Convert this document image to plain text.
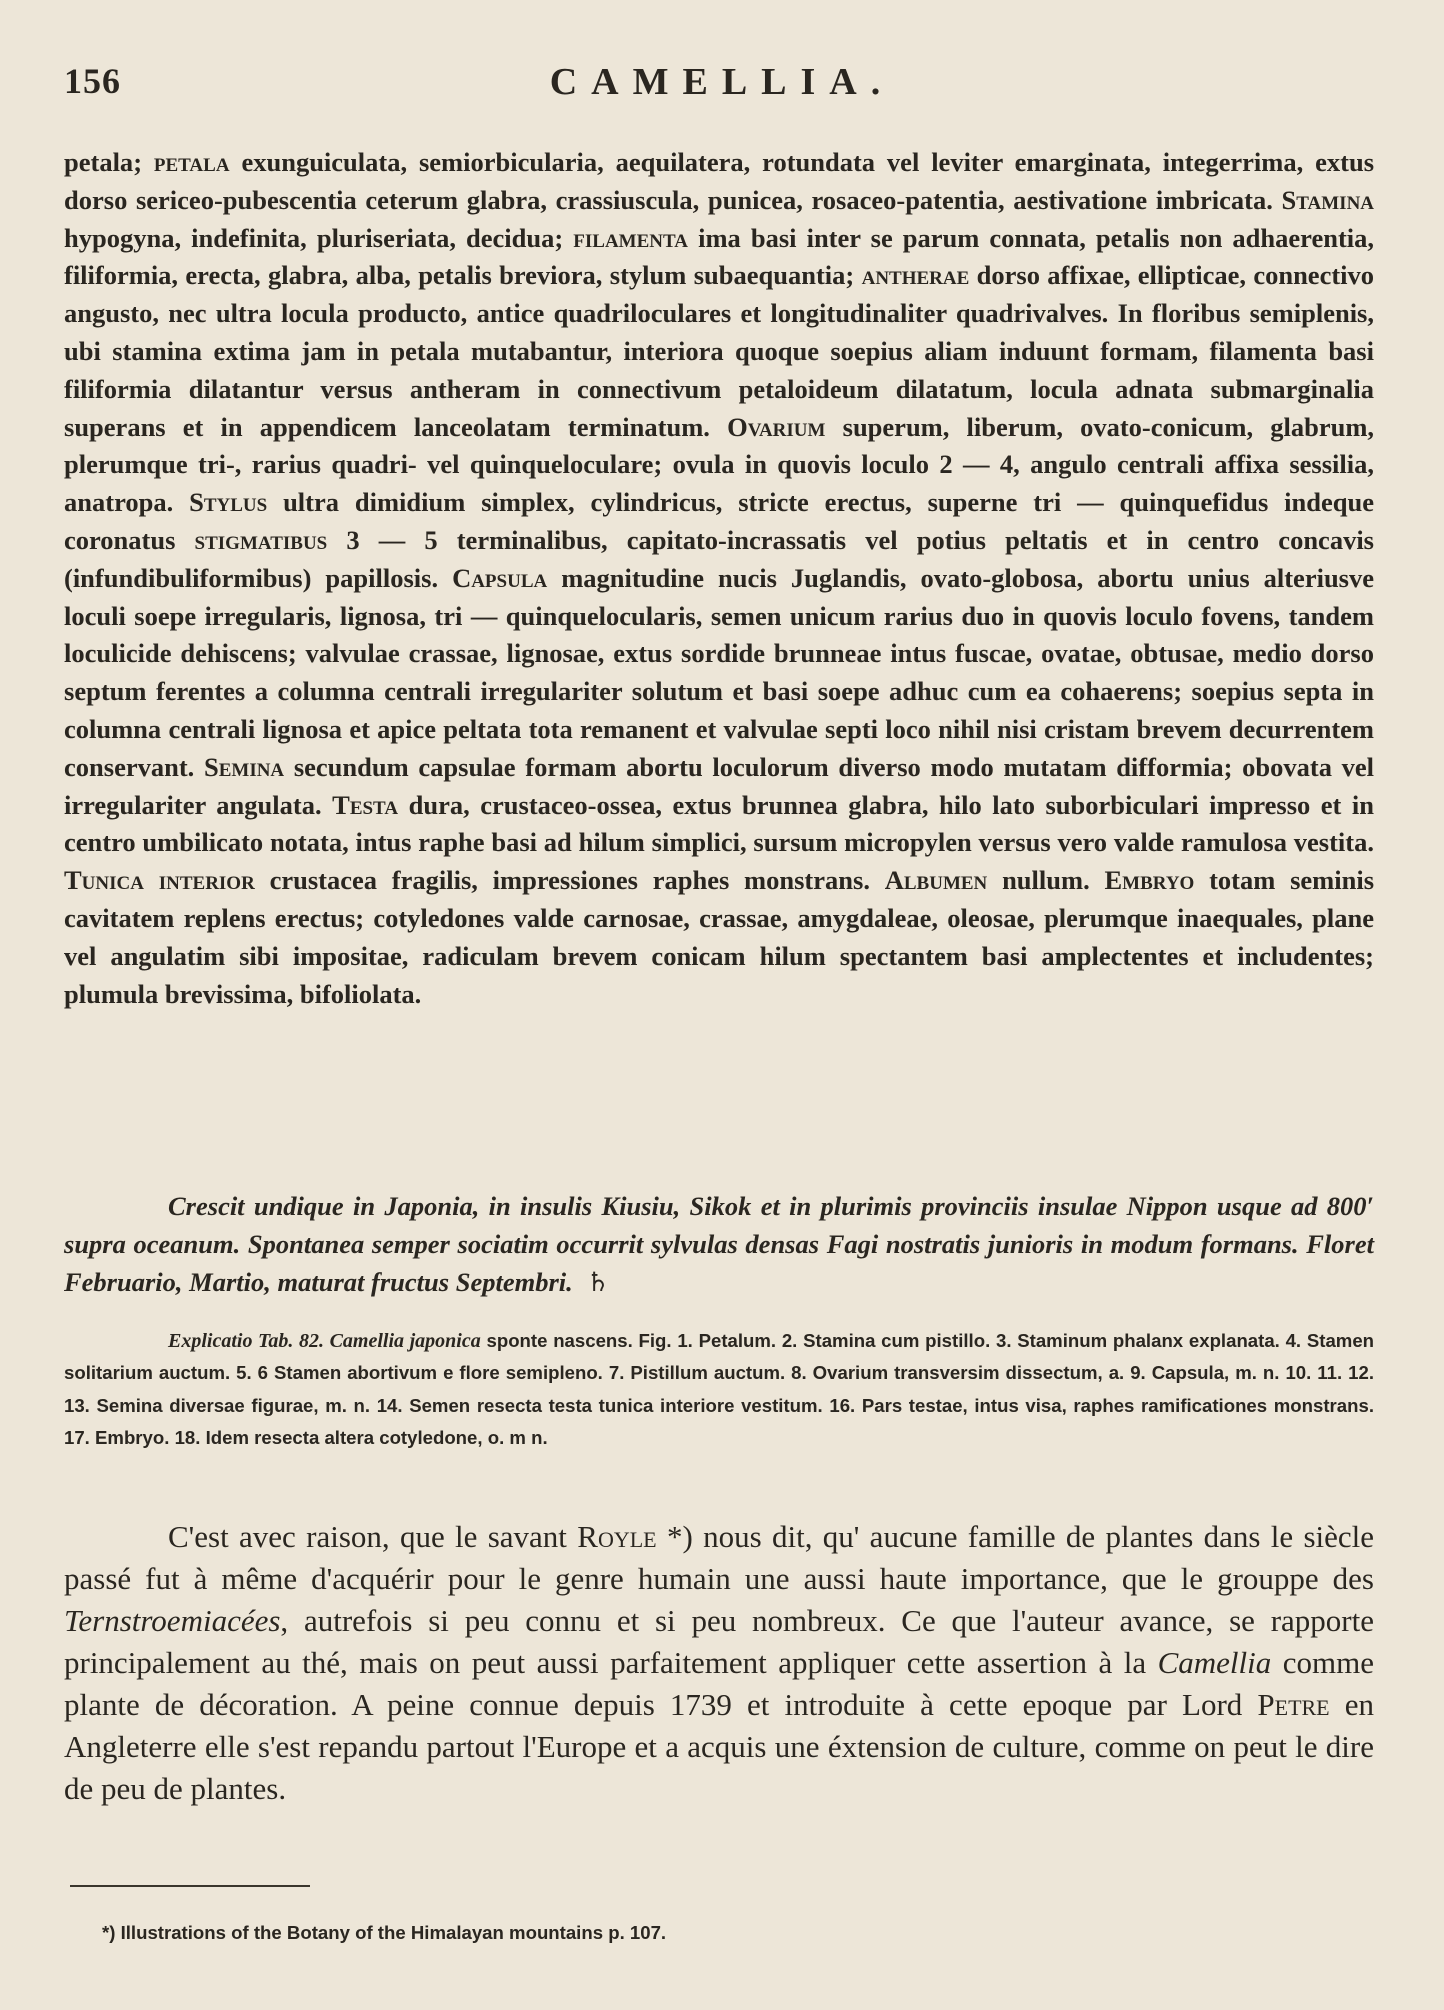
156	CAMELLIA.

petala; petala exunguiculata, semiorbicularia, aequilatera, rotundata vel leviter emarginata, integerrima, extus dorso sericeo-pubescentia ceterum glabra, crassiuscula, punicea, rosaceo-patentia, aestivatione imbricata. Stamina hypogyna, indefinita, pluriseriata, decidua; filamenta ima basi inter se parum connata, petalis non adhaerentia, filiformia, erecta, glabra, alba, petalis breviora, stylum subaequantia; antherae dorso affixae, ellipticae, connectivo angusto, nec ultra locula producto, antice quadriloculares et longitudinaliter quadrivalves. In floribus semiplenis, ubi stamina extima jam in petala mutabantur, interiora quoque soepius aliam induunt formam, filamenta basi filiformia dilatantur versus antheram in connectivum petaloideum dilatatum, locula adnata submarginalia superans et in appendicem lanceolatam terminatum. Ovarium superum, liberum, ovato-conicum, glabrum, plerumque tri-, rarius quadri- vel quinqueloculare; ovula in quovis loculo 2 — 4, angulo centrali affixa sessilia, anatropa. Stylus ultra dimidium simplex, cylindricus, stricte erectus, superne tri — quinquefidus indeque coronatus stigmatibus 3 — 5 terminalibus, capitato-incrassatis vel potius peltatis et in centro concavis (infundibuliformibus) papillosis. Capsula magnitudine nucis Juglandis, ovato-globosa, abortu unius alteriusve loculi soepe irregularis, lignosa, tri — quinquelocularis, semen unicum rarius duo in quovis loculo fovens, tandem loculicide dehiscens; valvulae crassae, lignosae, extus sordide brunneae intus fuscae, ovatae, obtusae, medio dorso septum ferentes a columna centrali irregulariter solutum et basi soepe adhuc cum ea cohaerens; soepius septa in columna centrali lignosa et apice peltata tota remanent et valvulae septi loco nihil nisi cristam brevem decurrentem conservant. Semina secundum capsulae formam abortu loculorum diverso modo mutatam difformia; obovata vel irregulariter angulata. Testa dura, crustaceo-ossea, extus brunnea glabra, hilo lato suborbiculari impresso et in centro umbilicato notata, intus raphe basi ad hilum simplici, sursum micropylen versus vero valde ramulosa vestita. Tunica interior crustacea fragilis, impressiones raphes monstrans. Albumen nullum. Embryo totam seminis cavitatem replens erectus; cotyledones valde carnosae, crassae, amygdaleae, oleosae, plerumque inaequales, plane vel angulatim sibi impositae, radiculam brevem conicam hilum spectantem basi amplectentes et includentes; plumula brevissima, bifoliolata.

Crescit undique in Japonia, in insulis Kiusiu, Sikok et in plurimis provinciis insulae Nippon usque ad 800′ supra oceanum. Spontanea semper sociatim occurrit sylvulas densas Fagi nostratis junioris in modum formans. Floret Februario, Martio, maturat fructus Septembri. ♄

Explicatio Tab. 82. Camellia japonica sponte nascens. Fig. 1. Petalum. 2. Stamina cum pistillo. 3. Staminum phalanx explanata. 4. Stamen solitarium auctum. 5. 6 Stamen abortivum e flore semipleno. 7. Pistillum auctum. 8. Ovarium transversim dissectum, a. 9. Capsula, m. n. 10. 11. 12. 13. Semina diversae figurae, m. n. 14. Semen resecta testa tunica interiore vestitum. 16. Pars testae, intus visa, raphes ramificationes monstrans. 17. Embryo. 18. Idem resecta altera cotyledone, o. m n.

C'est avec raison, que le savant Royle *) nous dit, qu' aucune famille de plantes dans le siècle passé fut à même d'acquérir pour le genre humain une aussi haute importance, que le grouppe des Ternstroemiacées, autrefois si peu connu et si peu nombreux. Ce que l'auteur avance, se rapporte principalement au thé, mais on peut aussi parfaitement appliquer cette assertion à la Camellia comme plante de décoration. A peine connue depuis 1739 et introduite à cette epoque par Lord Petre en Angleterre elle s'est repandu partout l'Europe et a acquis une éxtension de culture, comme on peut le dire de peu de plantes.

*) Illustrations of the Botany of the Himalayan mountains p. 107.
